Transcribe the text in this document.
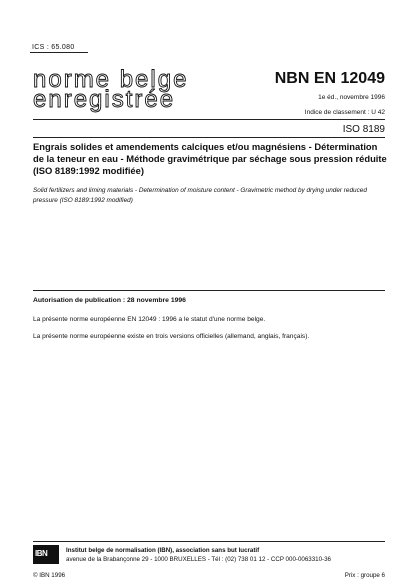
ICS : 65.080
norme belge
enregistrée
NBN EN 12049
1e éd., novembre 1996
Indice de classement : U 42
ISO 8189
Engrais solides et amendements calciques et/ou magnésiens - Détermination de la teneur en eau - Méthode gravimétrique par séchage sous pression réduite (ISO 8189:1992 modifiée)
Solid fertilizers and liming materials - Determination of moisture content - Gravimetric method by drying under reduced pressure (ISO 8189:1992 modified)
Autorisation de publication : 28 novembre 1996
La présente norme européenne EN 12049 : 1996 a le statut d'une norme belge.
La présente norme européenne existe en trois versions officielles (allemand, anglais, français).
IBN	Institut belge de normalisation (IBN), association sans but lucratif
avenue de la Brabançonne 29 - 1000 BRUXELLES - Tél : (02) 738 01 12 - CCP 000-0063310-36
© IBN 1996	Prix : groupe 6
